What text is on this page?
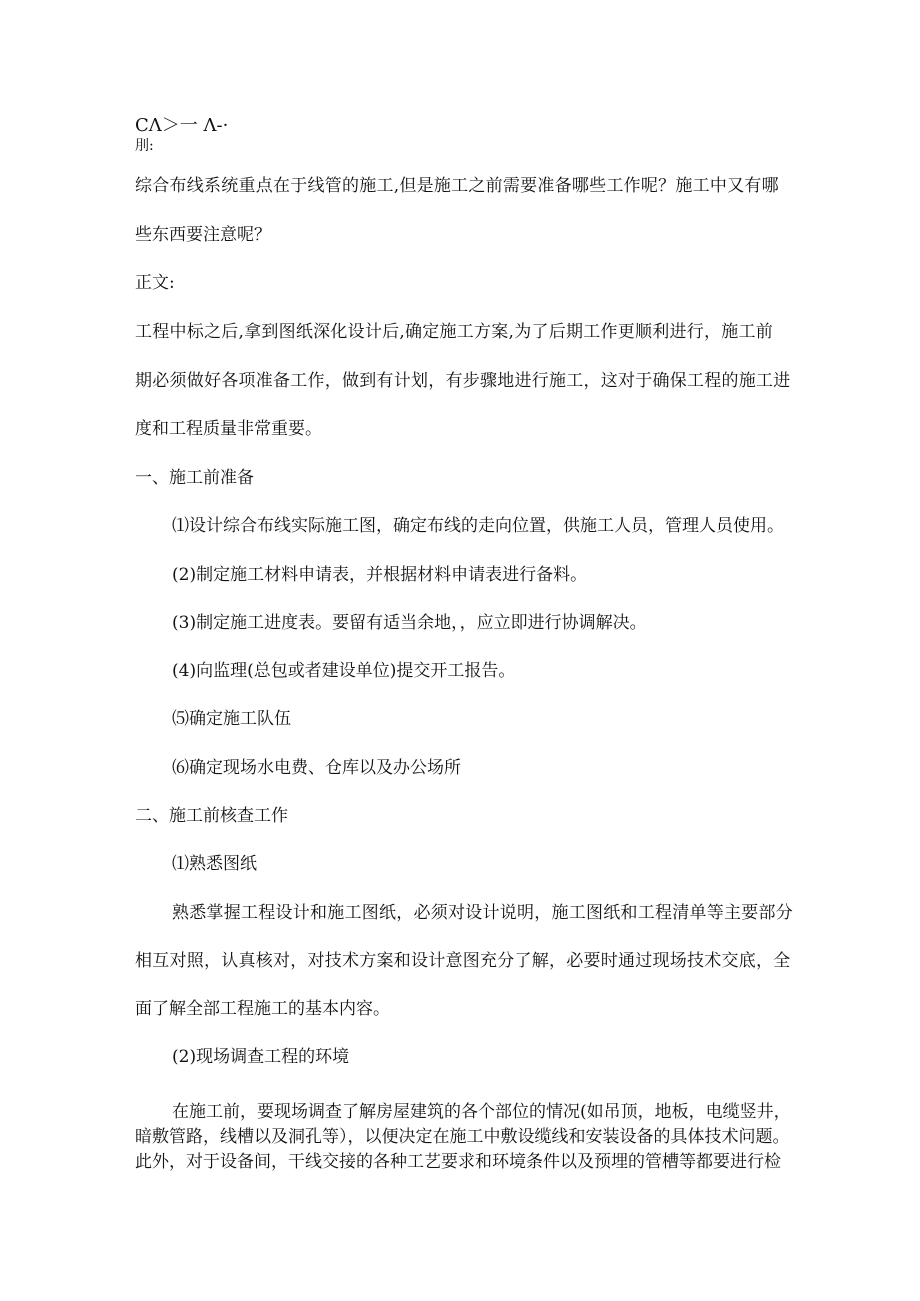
CΛ＞一 Λ-·
刖:
综合布线系统重点在于线管的施工,但是施工之前需要准备哪些工作呢？施工中又有哪
些东西要注意呢？
正文:
工程中标之后,拿到图纸深化设计后,确定施工方案,为了后期工作更顺利进行，施工前
期必须做好各项准备工作，做到有计划，有步骤地进行施工，这对于确保工程的施工进
度和工程质量非常重要。
一、施工前准备
⑴设计综合布线实际施工图，确定布线的走向位置，供施工人员，管理人员使用。
(2)制定施工材料申请表，并根据材料申请表进行备料。
(3)制定施工进度表。要留有适当余地，，应立即进行协调解决。
(4)向监理(总包或者建设单位)提交开工报告。
⑸确定施工队伍
⑹确定现场水电费、仓库以及办公场所
二、施工前核查工作
⑴熟悉图纸
熟悉掌握工程设计和施工图纸，必须对设计说明，施工图纸和工程清单等主要部分
相互对照，认真核对，对技术方案和设计意图充分了解，必要时通过现场技术交底，全
面了解全部工程施工的基本内容。
(2)现场调查工程的环境
在施工前，要现场调查了解房屋建筑的各个部位的情况(如吊顶，地板，电缆竖井，
暗敷管路，线槽以及洞孔等），以便决定在施工中敷设缆线和安装设备的具体技术问题。
此外，对于设备间，干线交接的各种工艺要求和环境条件以及预埋的管槽等都要进行检
